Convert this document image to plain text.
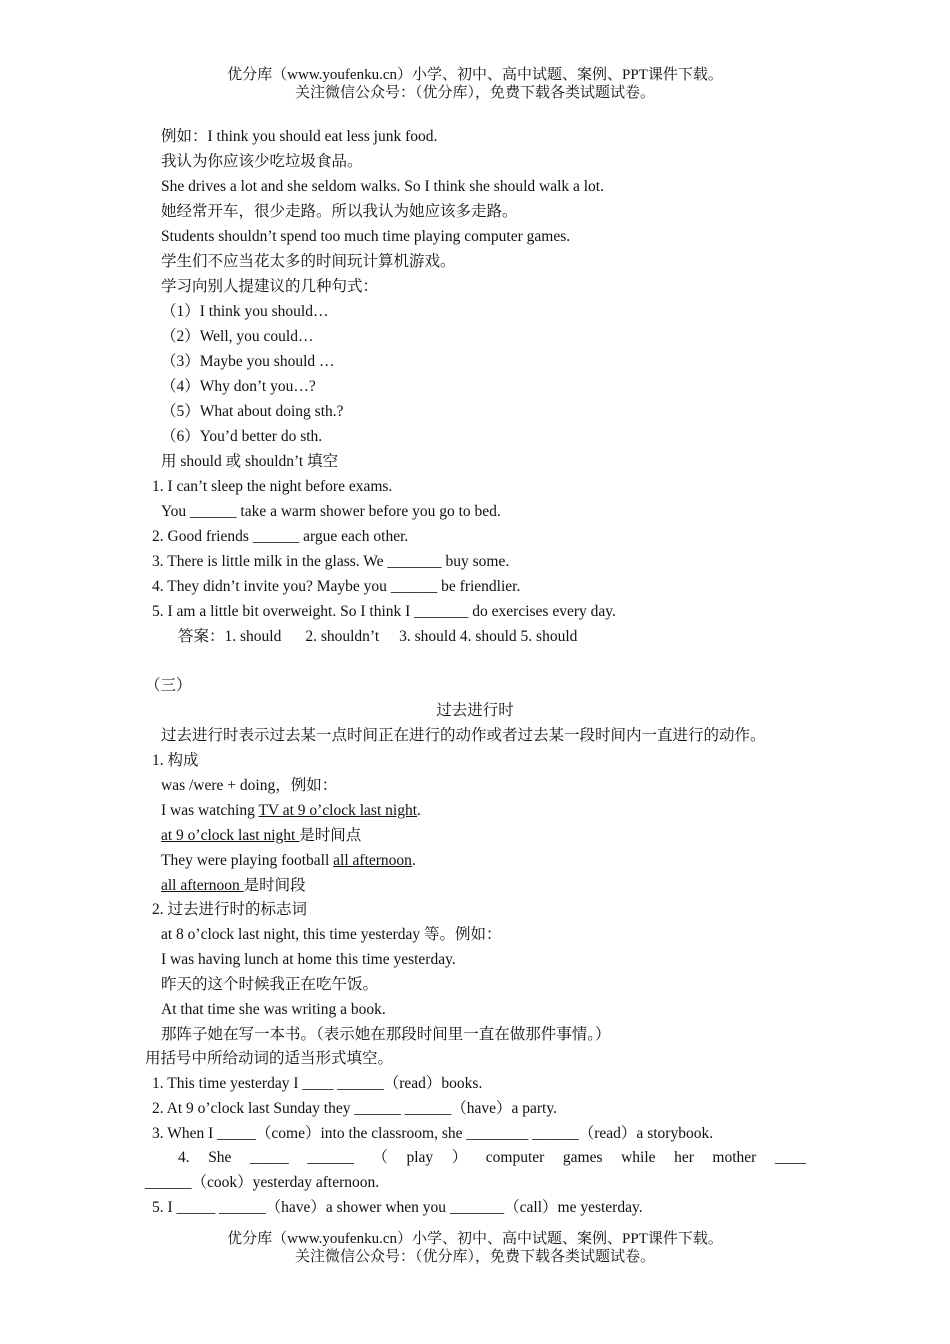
优分库（www.youfenku.cn）小学、初中、高中试题、案例、PPT课件下载。
关注微信公众号：（优分库），免费下载各类试题试卷。
例如：I think you should eat less junk food.
我认为你应该少吃垃圾食品。
She drives a lot and she seldom walks. So I think she should walk a lot.
她经常开车，很少走路。所以我认为她应该多走路。
Students shouldn’t spend too much time playing computer games.
学生们不应当花太多的时间玩计算机游戏。
学习向别人提建议的几种句式：
（1）I think you should…
（2）Well, you could…
（3）Maybe you should …
（4）Why don’t you…?
（5）What about doing sth.?
（6）You’d better do sth.
用 should 或 shouldn’t 填空
1. I can’t sleep the night before exams.
You ______ take a warm shower before you go to bed.
2. Good friends ______ argue each other.
3. There is little milk in the glass. We _______ buy some.
4. They didn’t invite you? Maybe you ______ be friendlier.
5. I am a little bit overweight. So I think I _______ do exercises every day.
答案：1. should 2. shouldn’t 3. should 4. should 5. should
（三）
过去进行时
过去进行时表示过去某一点时间正在进行的动作或者过去某一段时间内一直进行的动作。
1. 构成
was /were + doing，例如：
I was watching TV at 9 o’clock last night.
at 9 o’clock last night 是时间点
They were playing football all afternoon.
all afternoon 是时间段
2. 过去进行时的标志词
at 8 o’clock last night, this time yesterday 等。例如：
I was having lunch at home this time yesterday.
昨天的这个时候我正在吃午饭。
At that time she was writing a book.
那阵子她在写一本书。（表示她在那段时间里一直在做那件事情。）
用括号中所给动词的适当形式填空。
1. This time yesterday I ____ ______（read）books.
2. At 9 o’clock last Sunday they ______ ______（have）a party.
3. When I _____（come）into the classroom, she ________ ______（read）a storybook.
4. She _____ ______ （ play ） computer games while her mother ____
______（cook）yesterday afternoon.
5. I _____ ______（have）a shower when you _______（call）me yesterday.
优分库（www.youfenku.cn）小学、初中、高中试题、案例、PPT课件下载。
关注微信公众号：（优分库），免费下载各类试题试卷。
